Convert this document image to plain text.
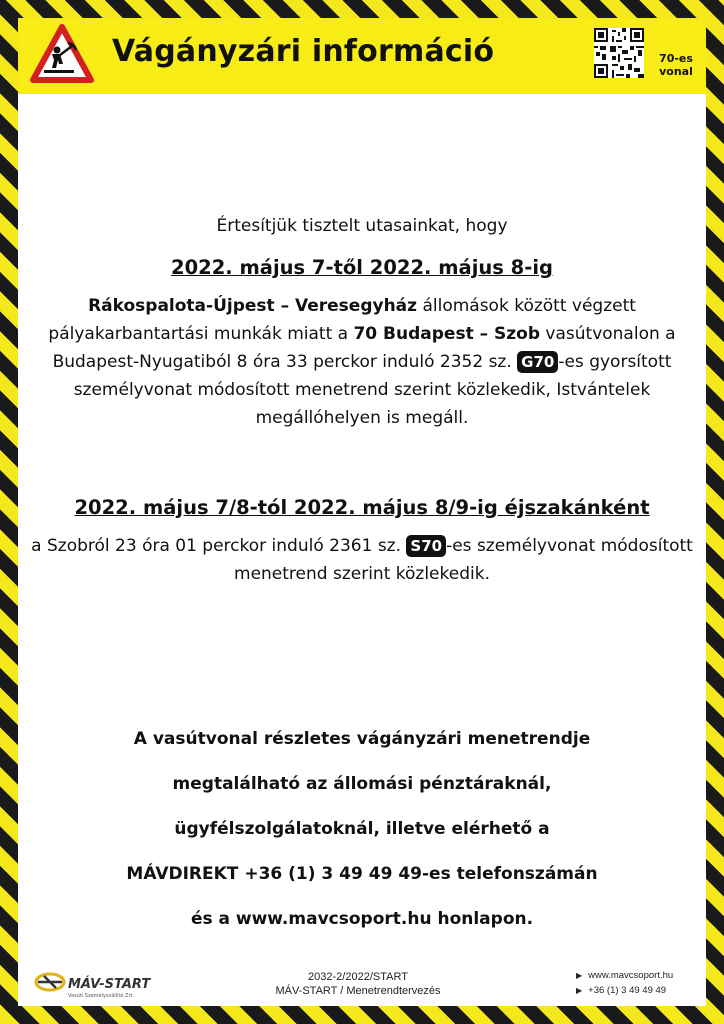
Vágányzári információ	70-es
vonal
Értesítjük tisztelt utasainkat, hogy
2022. május 7-től 2022. május 8-ig
Rákospalota-Újpest – Veresegyház állomások között végzett pályakarbantartási munkák miatt a 70 Budapest – Szob vasútvonalon a Budapest-Nyugatiból 8 óra 33 perckor induló 2352 sz. G70 -es gyorsított személyvonat módosított menetrend szerint közlekedik, Istvántelek megállóhelyen is megáll.
2022. május 7/8-tól 2022. május 8/9-ig éjszakánként
a Szobról 23 óra 01 perckor induló 2361 sz. S70 -es személyvonat módosított menetrend szerint közlekedik.
A vasútvonal részletes vágányzári menetrendje
megtalálható az állomási pénztáraknál,
ügyfélszolgálatoknál, illetve elérhető a
MÁVDIREKT +36 (1) 3 49 49 49-es telefonszámán
és a www.mavcsoport.hu honlapon.
MÁV-START
Vasúti Személyszállító Zrt.
2032-2/2022/START
MÁV-START / Menetrendtervezés
▶ www.mavcsoport.hu
▶ +36 (1) 3 49 49 49
